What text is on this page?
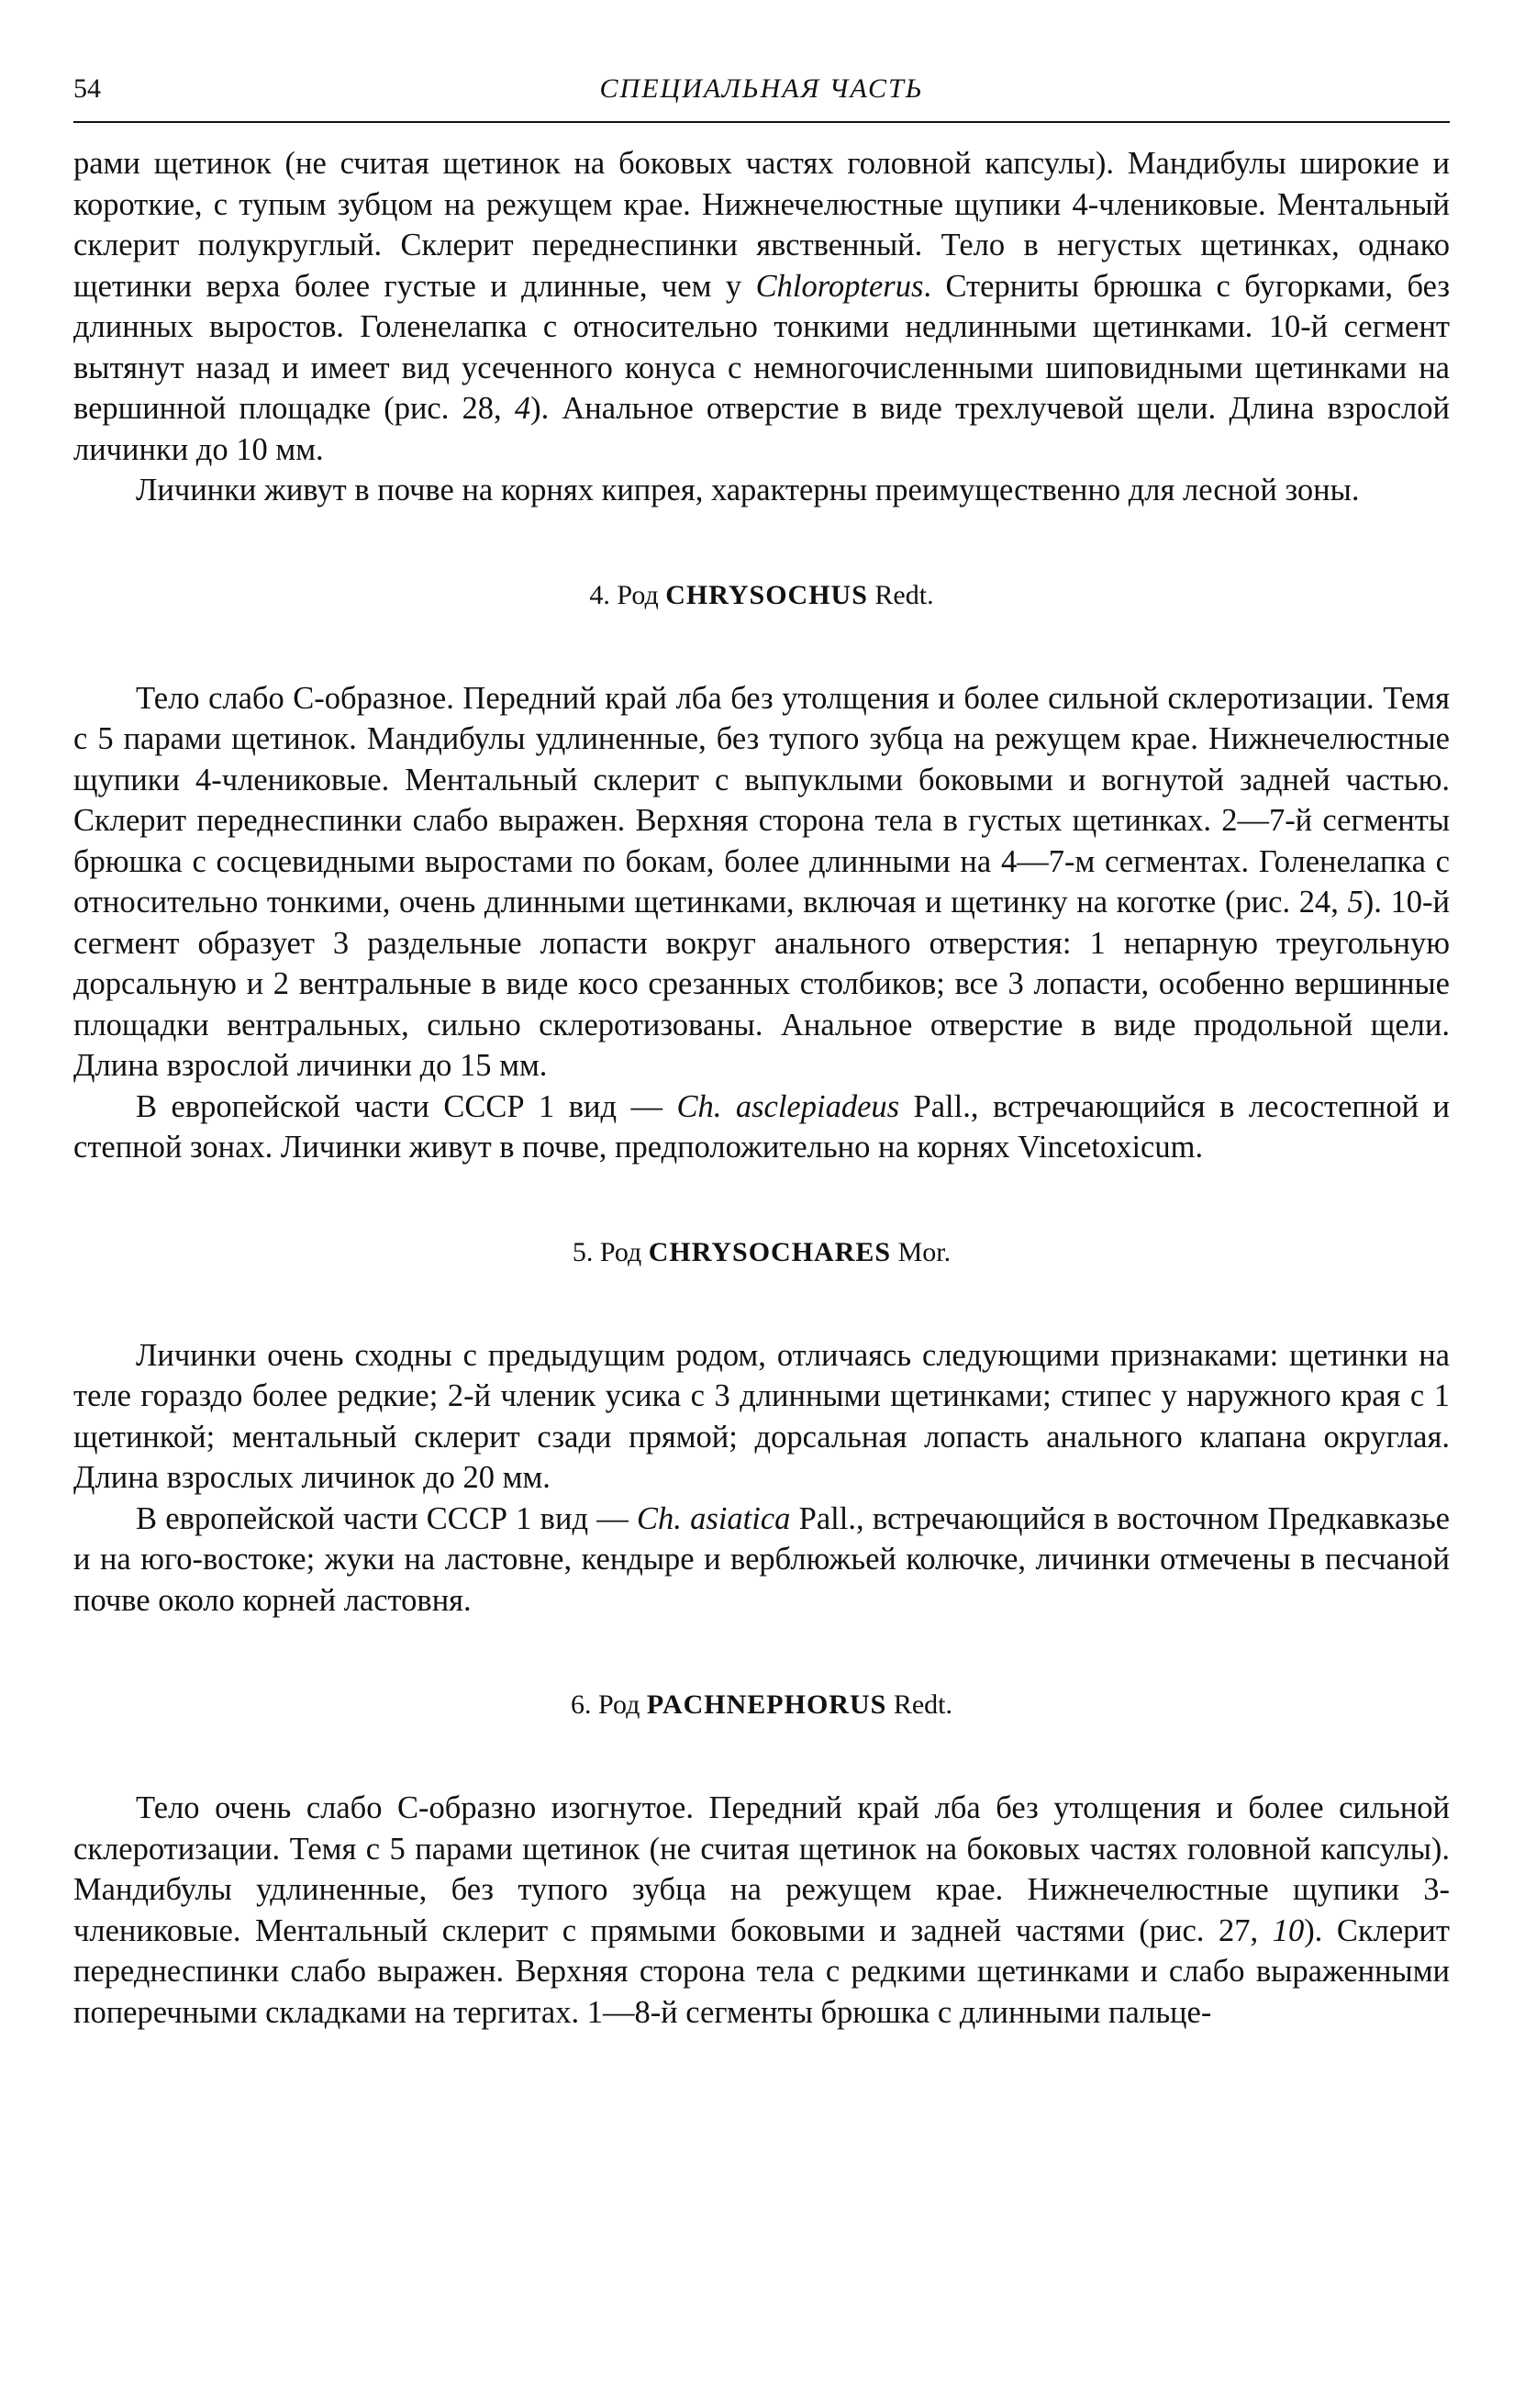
54	СПЕЦИАЛЬНАЯ ЧАСТЬ

рами щетинок (не считая щетинок на боковых частях головной капсулы). Мандибулы широкие и короткие, с тупым зубцом на режущем крае. Нижнечелюстные щупики 4-члениковые. Ментальный склерит полукруглый. Склерит переднеспинки явственный. Тело в негустых щетинках, однако щетинки верха более густые и длинные, чем у Chloropterus. Стерниты брюшка с бугорками, без длинных выростов. Голенелапка с относительно тонкими недлинными щетинками. 10-й сегмент вытянут назад и имеет вид усеченного конуса с немногочисленными шиповидными щетинками на вершинной площадке (рис. 28, 4). Анальное отверстие в виде трехлучевой щели. Длина взрослой личинки до 10 мм.

Личинки живут в почве на корнях кипрея, характерны преимущественно для лесной зоны.

4. Род CHRYSOCHUS Redt.

Тело слабо С-образное. Передний край лба без утолщения и более сильной склеротизации. Темя с 5 парами щетинок. Мандибулы удлиненные, без тупого зубца на режущем крае. Нижнечелюстные щупики 4-члениковые. Ментальный склерит с выпуклыми боковыми и вогнутой задней частью. Склерит переднеспинки слабо выражен. Верхняя сторона тела в густых щетинках. 2—7-й сегменты брюшка с сосцевидными выростами по бокам, более длинными на 4—7-м сегментах. Голенелапка с относительно тонкими, очень длинными щетинками, включая и щетинку на коготке (рис. 24, 5). 10-й сегмент образует 3 раздельные лопасти вокруг анального отверстия: 1 непарную треугольную дорсальную и 2 вентральные в виде косо срезанных столбиков; все 3 лопасти, особенно вершинные площадки вентральных, сильно склеротизованы. Анальное отверстие в виде продольной щели. Длина взрослой личинки до 15 мм.

В европейской части СССР 1 вид — Ch. asclepiadeus Pall., встречающийся в лесостепной и степной зонах. Личинки живут в почве, предположительно на корнях Vincetoxicum.

5. Род CHRYSOCHARES Mor.

Личинки очень сходны с предыдущим родом, отличаясь следующими признаками: щетинки на теле гораздо более редкие; 2-й членик усика с 3 длинными щетинками; стипес у наружного края с 1 щетинкой; ментальный склерит сзади прямой; дорсальная лопасть анального клапана округлая. Длина взрослых личинок до 20 мм.

В европейской части СССР 1 вид — Ch. asiatica Pall., встречающийся в восточном Предкавказье и на юго-востоке; жуки на ластовне, кендыре и верблюжьей колючке, личинки отмечены в песчаной почве около корней ластовня.

6. Род PACHNEPHORUS Redt.

Тело очень слабо С-образно изогнутое. Передний край лба без утолщения и более сильной склеротизации. Темя с 5 парами щетинок (не считая щетинок на боковых частях головной капсулы). Мандибулы удлиненные, без тупого зубца на режущем крае. Нижнечелюстные щупики 3-члениковые. Ментальный склерит с прямыми боковыми и задней частями (рис. 27, 10). Склерит переднеспинки слабо выражен. Верхняя сторона тела с редкими щетинками и слабо выраженными поперечными складками на тергитах. 1—8-й сегменты брюшка с длинными пальце-
